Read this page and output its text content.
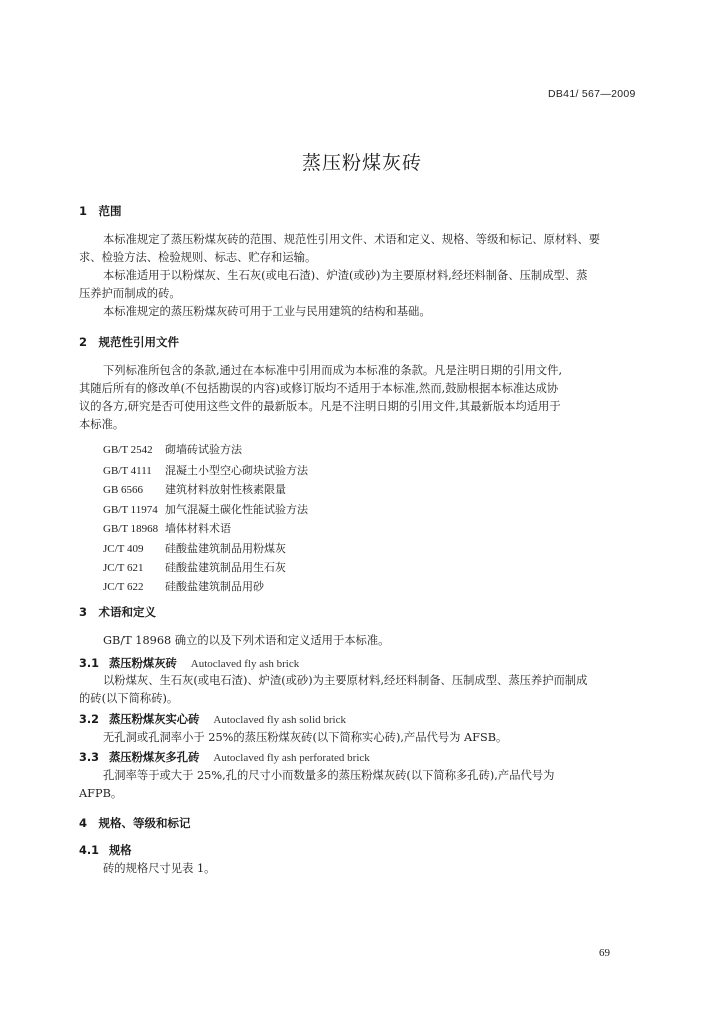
DB41/ 567—2009
蒸压粉煤灰砖
1　范围
本标准规定了蒸压粉煤灰砖的范围、规范性引用文件、术语和定义、规格、等级和标记、原材料、要
求、检验方法、检验规则、标志、贮存和运输。
本标准适用于以粉煤灰、生石灰(或电石渣)、炉渣(或砂)为主要原材料,经坯料制备、压制成型、蒸
压养护而制成的砖。
本标准规定的蒸压粉煤灰砖可用于工业与民用建筑的结构和基础。
2　规范性引用文件
下列标准所包含的条款,通过在本标准中引用而成为本标准的条款。凡是注明日期的引用文件,
其随后所有的修改单(不包括勘误的内容)或修订版均不适用于本标准,然而,鼓励根据本标准达成协
议的各方,研究是否可使用这些文件的最新版本。凡是不注明日期的引用文件,其最新版本均适用于
本标准。
GB/T 2542 砌墙砖试验方法
GB/T 4111 混凝土小型空心砌块试验方法
GB 6566 建筑材料放射性核素限量
GB/T 11974 加气混凝土碳化性能试验方法
GB/T 18968 墙体材料术语
JC/T 409 硅酸盐建筑制品用粉煤灰
JC/T 621 硅酸盐建筑制品用生石灰
JC/T 622 硅酸盐建筑制品用砂
3　术语和定义
GB/T 18968 确立的以及下列术语和定义适用于本标准。
3.1 蒸压粉煤灰砖 Autoclaved fly ash brick
以粉煤灰、生石灰(或电石渣)、炉渣(或砂)为主要原材料,经坯料制备、压制成型、蒸压养护而制成
的砖(以下简称砖)。
3.2 蒸压粉煤灰实心砖 Autoclaved fly ash solid brick
无孔洞或孔洞率小于 25%的蒸压粉煤灰砖(以下简称实心砖),产品代号为 AFSB。
3.3 蒸压粉煤灰多孔砖 Autoclaved fly ash perforated brick
孔洞率等于或大于 25%,孔的尺寸小而数量多的蒸压粉煤灰砖(以下简称多孔砖),产品代号为
AFPB。
4　规格、等级和标记
4.1 规格
砖的规格尺寸见表 1。
69
